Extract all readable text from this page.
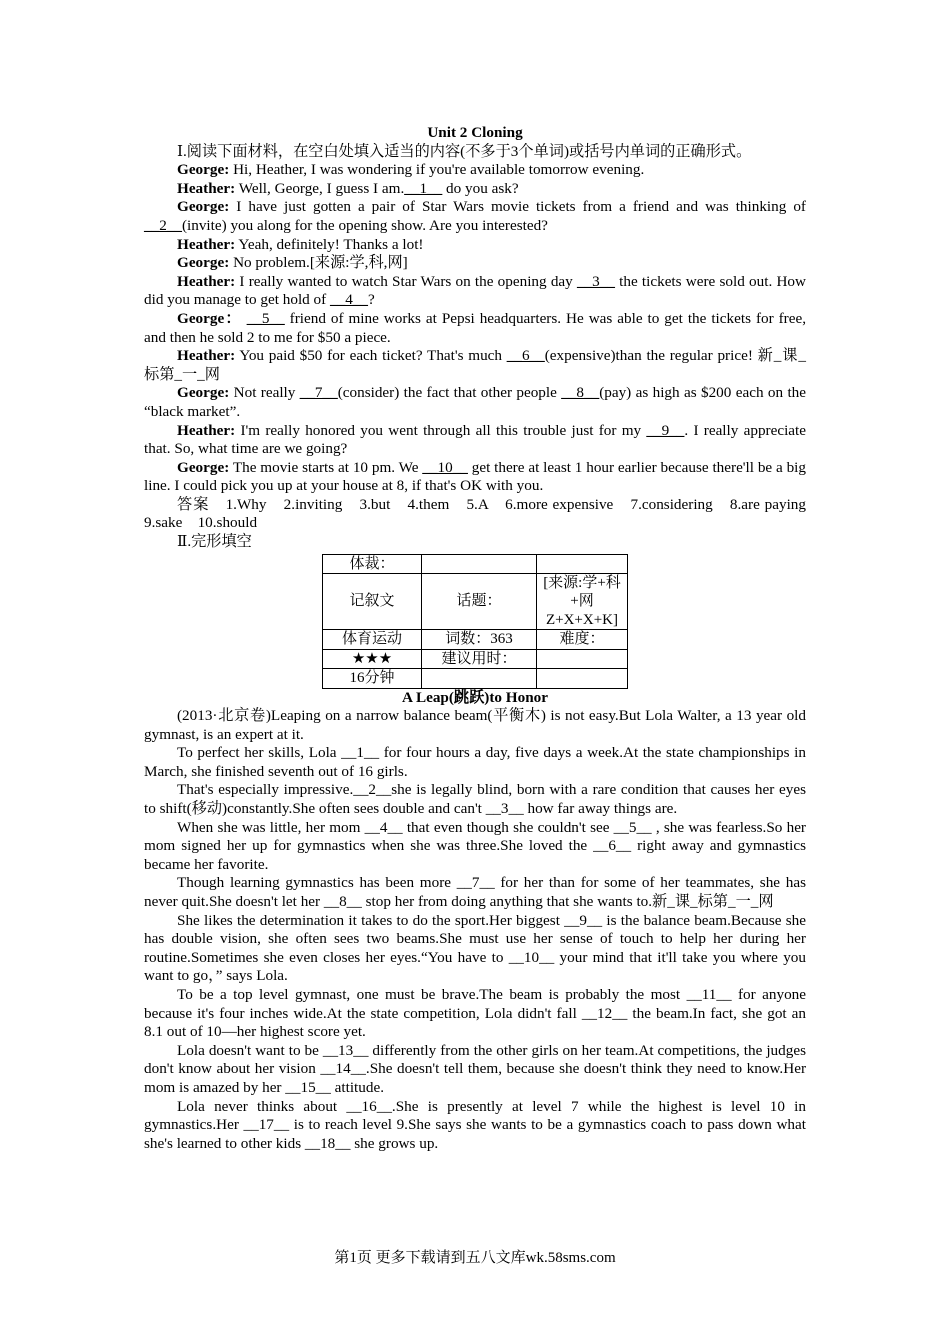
Unit 2 Cloning

Ⅰ.阅读下面材料，在空白处填入适当的内容(不多于3个单词)或括号内单词的正确形式。

George: Hi, Heather, I was wondering if you're available tomorrow evening.

Heather: Well, George, I guess I am.__1__ do you ask?

George: I have just gotten a pair of Star Wars movie tickets from a friend and was thinking of __2__(invite) you along for the opening show. Are you interested?

Heather: Yeah, definitely! Thanks a lot!

George: No problem.[来源:学,科,网]

Heather: I really wanted to watch Star Wars on the opening day __3__ the tickets were sold out. How did you manage to get hold of __4__?

George： __5__ friend of mine works at Pepsi headquarters. He was able to get the tickets for free, and then he sold 2 to me for $50 a piece.

Heather: You paid $50 for each ticket? That's much __6__(expensive)than the regular price! 新_课_标第_一_网

George: Not really __7__(consider) the fact that other people __8__(pay) as high as $200 each on the “black market”.

Heather: I'm really honored you went through all this trouble just for my __9__. I really appreciate that. So, what time are we going?

George: The movie starts at 10 pm. We __10__ get there at least 1 hour earlier because there'll be a big line. I could pick you up at your house at 8, if that's OK with you.

答案　1.Why　2.inviting　3.but　4.them　5.A　6.more expensive　7.considering　8.are paying　9.sake　10.should

Ⅱ.完形填空

体裁：		
记叙文	话题：	[来源:学+科+网Z+X+X+K]
体育运动	词数：363	难度：
★★★	建议用时：	
16分钟		

A Leap(跳跃)to Honor

(2013·北京卷)Leaping on a narrow balance beam(平衡木) is not easy.But Lola Walter, a 13 year old gymnast, is an expert at it.

To perfect her skills, Lola __1__ for four hours a day, five days a week.At the state championships in March, she finished seventh out of 16 girls.

That's especially impressive.__2__she is legally blind, born with a rare condition that causes her eyes to shift(移动)constantly.She often sees double and can't __3__ how far away things are.

When she was little, her mom __4__ that even though she couldn't see __5__ , she was fearless.So her mom signed her up for gymnastics when she was three.She loved the __6__ right away and gymnastics became her favorite.

Though learning gymnastics has been more __7__ for her than for some of her teammates, she has never quit.She doesn't let her __8__ stop her from doing anything that she wants to.新_课_标第_一_网

She likes the determination it takes to do the sport.Her biggest __9__ is the balance beam.Because she has double vision, she often sees two beams.She must use her sense of touch to help her during her routine.Sometimes she even closes her eyes.“You have to __10__ your mind that it'll take you where you want to go，” says Lola.

To be a top level gymnast, one must be brave.The beam is probably the most __11__ for anyone because it's four inches wide.At the state competition, Lola didn't fall __12__ the beam.In fact, she got an 8.1 out of 10—her highest score yet.

Lola doesn't want to be __13__ differently from the other girls on her team.At competitions, the judges don't know about her vision __14__.She doesn't tell them, because she doesn't think they need to know.Her mom is amazed by her __15__ attitude.

Lola never thinks about __16__.She is presently at level 7 while the highest is level 10 in gymnastics.Her __17__ is to reach level 9.She says she wants to be a gymnastics coach to pass down what she's learned to other kids __18__ she grows up.

第1页 更多下载请到五八文库wk.58sms.com
